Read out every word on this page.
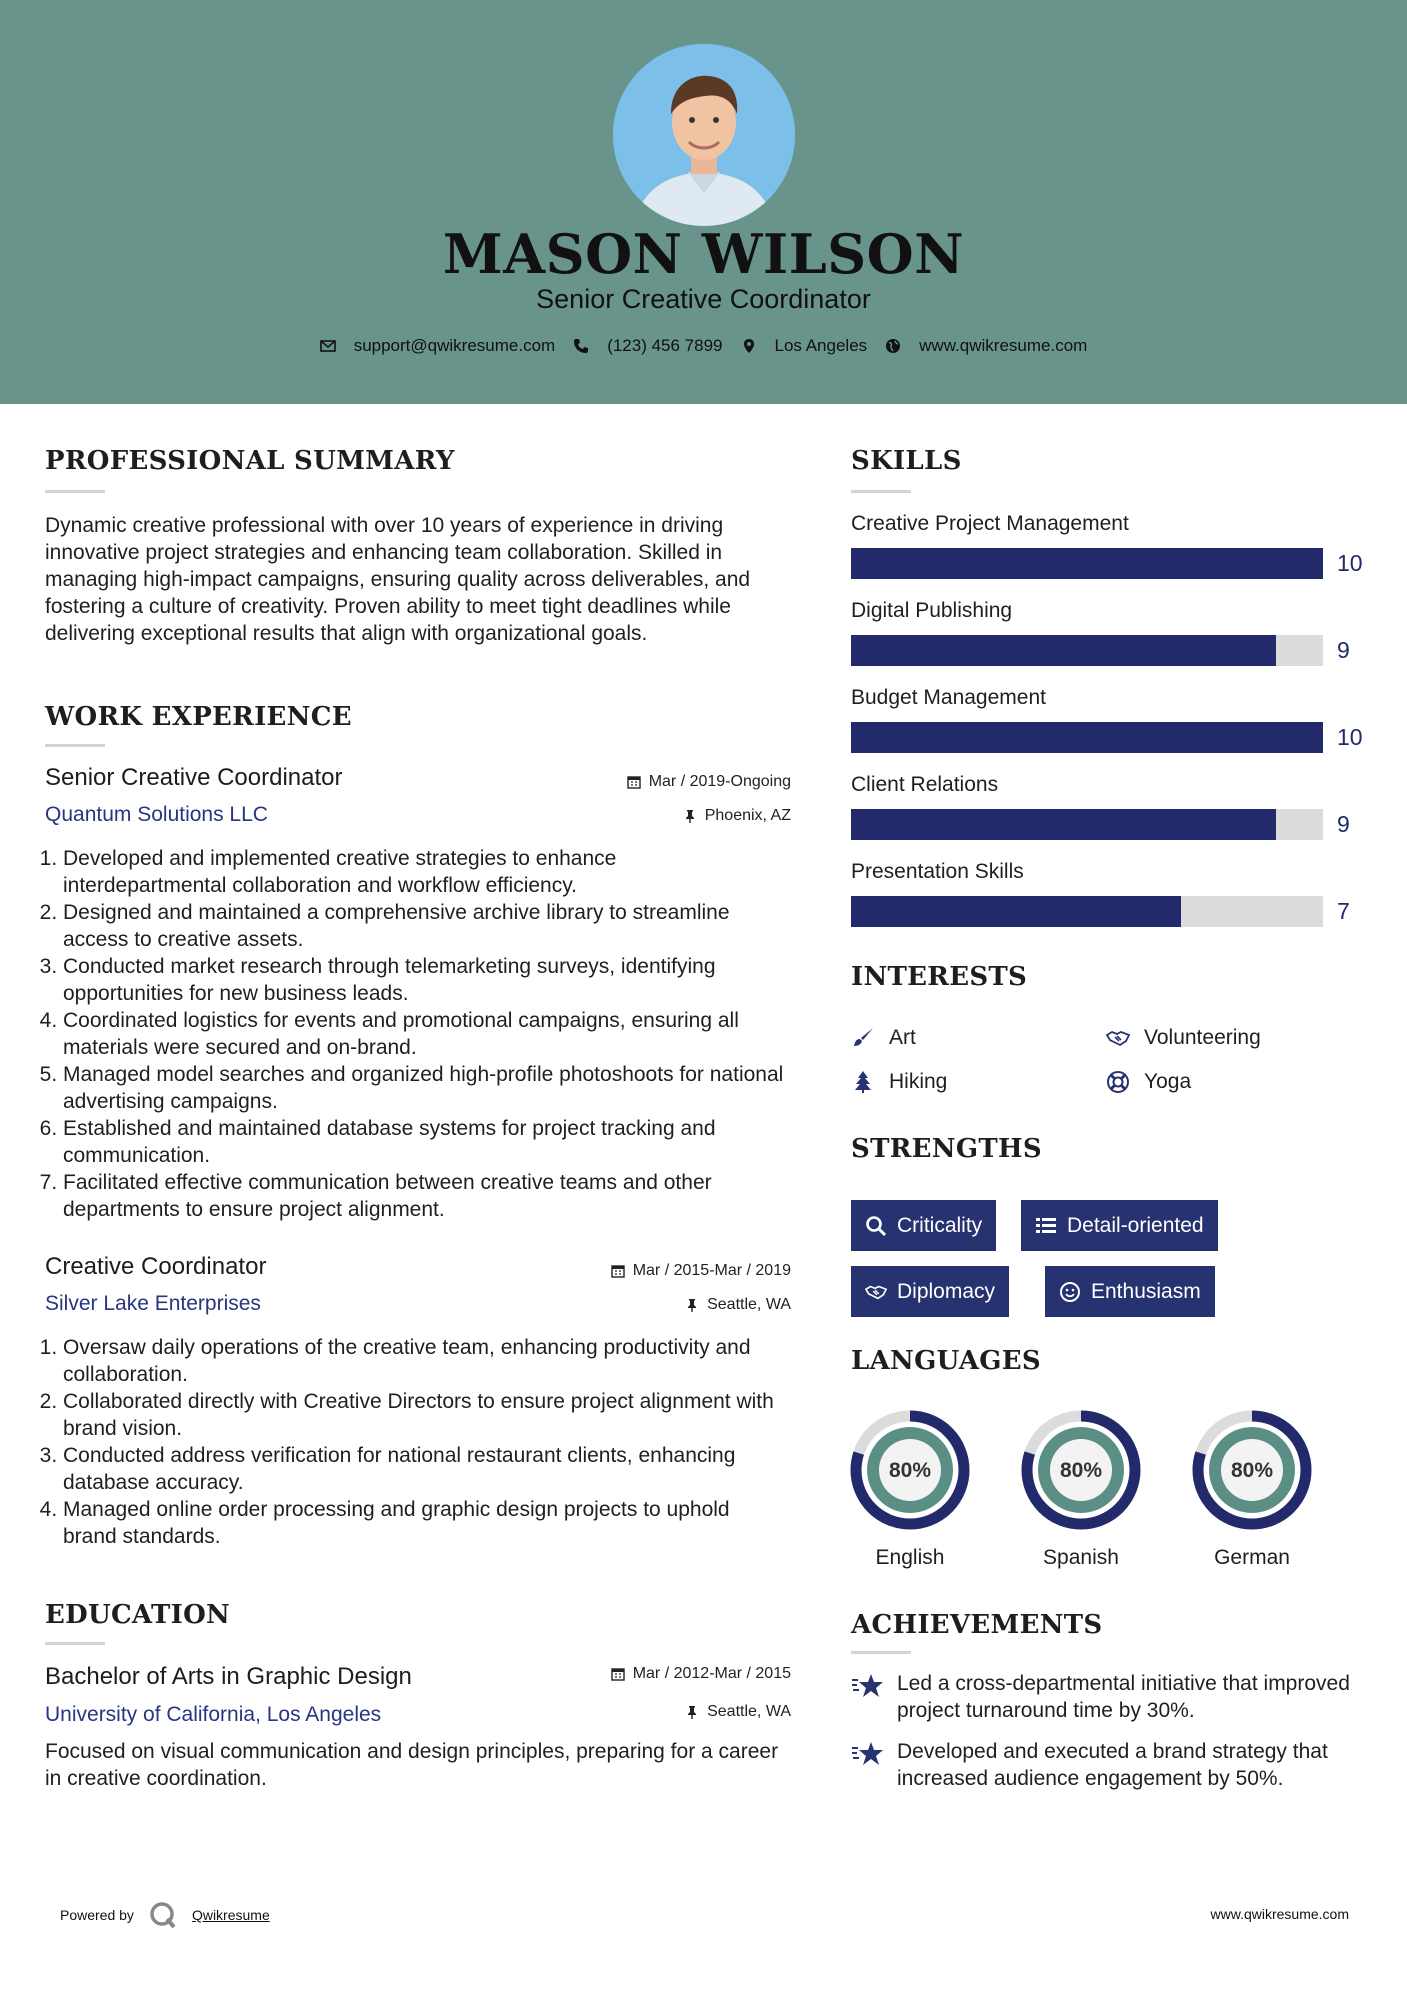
MASON WILSON
Senior Creative Coordinator
support@qwikresume.com	(123) 456 7899	Los Angeles	www.qwikresume.com
PROFESSIONAL SUMMARY
Dynamic creative professional with over 10 years of experience in driving innovative project strategies and enhancing team collaboration. Skilled in managing high-impact campaigns, ensuring quality across deliverables, and fostering a culture of creativity. Proven ability to meet tight deadlines while delivering exceptional results that align with organizational goals.
WORK EXPERIENCE
Senior Creative Coordinator	Mar / 2019-Ongoing
Quantum Solutions LLC	Phoenix, AZ
1. Developed and implemented creative strategies to enhance interdepartmental collaboration and workflow efficiency.
2. Designed and maintained a comprehensive archive library to streamline access to creative assets.
3. Conducted market research through telemarketing surveys, identifying opportunities for new business leads.
4. Coordinated logistics for events and promotional campaigns, ensuring all materials were secured and on-brand.
5. Managed model searches and organized high-profile photoshoots for national advertising campaigns.
6. Established and maintained database systems for project tracking and communication.
7. Facilitated effective communication between creative teams and other departments to ensure project alignment.
Creative Coordinator	Mar / 2015-Mar / 2019
Silver Lake Enterprises	Seattle, WA
1. Oversaw daily operations of the creative team, enhancing productivity and collaboration.
2. Collaborated directly with Creative Directors to ensure project alignment with brand vision.
3. Conducted address verification for national restaurant clients, enhancing database accuracy.
4. Managed online order processing and graphic design projects to uphold brand standards.
EDUCATION
Bachelor of Arts in Graphic Design	Mar / 2012-Mar / 2015
University of California, Los Angeles	Seattle, WA
Focused on visual communication and design principles, preparing for a career in creative coordination.
SKILLS
Creative Project Management
10
Digital Publishing
9
Budget Management
10
Client Relations
9
Presentation Skills
7
INTERESTS
Art	Volunteering
Hiking	Yoga
STRENGTHS
Criticality	Detail-oriented
Diplomacy	Enthusiasm
LANGUAGES
80%
English
80%
Spanish
80%
German
ACHIEVEMENTS
Led a cross-departmental initiative that improved project turnaround time by 30%.
Developed and executed a brand strategy that increased audience engagement by 50%.
Powered by	Qwikresume	www.qwikresume.com
